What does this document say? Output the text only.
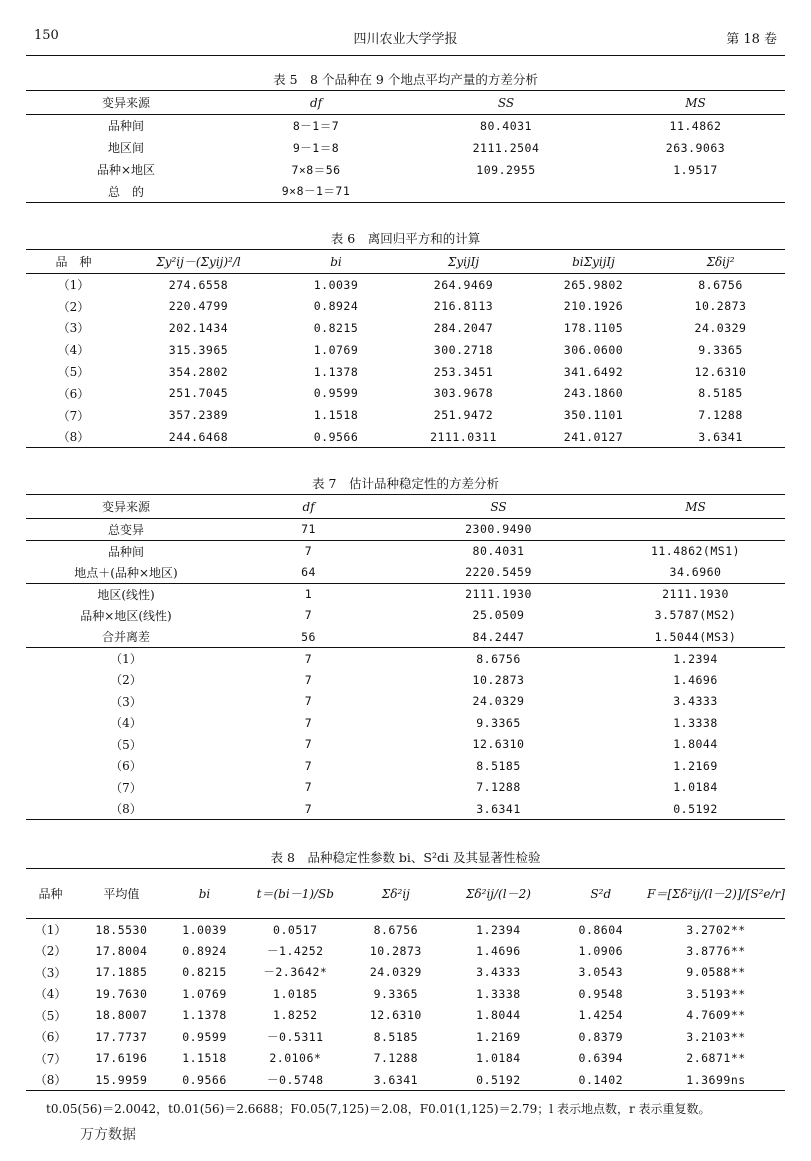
150	四川农业大学学报	第 18 卷
表 5　8 个品种在 9 个地点平均产量的方差分析
变异来源	df	SS	MS
品种间	8－1＝7	80.4031	11.4862
地区间	9－1＝8	2111.2504	263.9063
品种×地区	7×8＝56	109.2955	1.9517
总　的	9×8－1＝71		
表 6　离回归平方和的计算
品　种	Σy²ij－(Σyij)²/l	bi	ΣyijIj	biΣyijIj	Σδij²
（1）	274.6558	1.0039	264.9469	265.9802	8.6756
（2）	220.4799	0.8924	216.8113	210.1926	10.2873
（3）	202.1434	0.8215	284.2047	178.1105	24.0329
（4）	315.3965	1.0769	300.2718	306.0600	9.3365
（5）	354.2802	1.1378	253.3451	341.6492	12.6310
（6）	251.7045	0.9599	303.9678	243.1860	8.5185
（7）	357.2389	1.1518	251.9472	350.1101	7.1288
（8）	244.6468	0.9566	2111.0311	241.0127	3.6341
表 7　估计品种稳定性的方差分析
变异来源	df	SS	MS
总变异	71	2300.9490	
品种间	7	80.4031	11.4862(MS1)
地点＋(品种×地区)	64	2220.5459	34.6960
地区(线性)	1	2111.1930	2111.1930
品种×地区(线性)	7	25.0509	3.5787(MS2)
合并离差	56	84.2447	1.5044(MS3)
（1）	7	8.6756	1.2394
（2）	7	10.2873	1.4696
（3）	7	24.0329	3.4333
（4）	7	9.3365	1.3338
（5）	7	12.6310	1.8044
（6）	7	8.5185	1.2169
（7）	7	7.1288	1.0184
（8）	7	3.6341	0.5192
表 8　品种稳定性参数 bi、S²di 及其显著性检验
品种	平均值	bi	t＝(bi－1)/Sb	Σδ²ij	Σδ²ij/(l－2)	S²d	F＝[Σδ²ij/(l－2)]/[S²e/r]
（1）	18.5530	1.0039	0.0517	8.6756	1.2394	0.8604	3.2702**
（2）	17.8004	0.8924	－1.4252	10.2873	1.4696	1.0906	3.8776**
（3）	17.1885	0.8215	－2.3642*	24.0329	3.4333	3.0543	9.0588**
（4）	19.7630	1.0769	1.0185	9.3365	1.3338	0.9548	3.5193**
（5）	18.8007	1.1378	1.8252	12.6310	1.8044	1.4254	4.7609**
（6）	17.7737	0.9599	－0.5311	8.5185	1.2169	0.8379	3.2103**
（7）	17.6196	1.1518	2.0106*	7.1288	1.0184	0.6394	2.6871**
（8）	15.9959	0.9566	－0.5748	3.6341	0.5192	0.1402	1.3699ns
t0.05(56)＝2.0042，t0.01(56)＝2.6688；F0.05(7,125)＝2.08，F0.01(1,125)＝2.79；l 表示地点数，r 表示重复数。
万方数据
